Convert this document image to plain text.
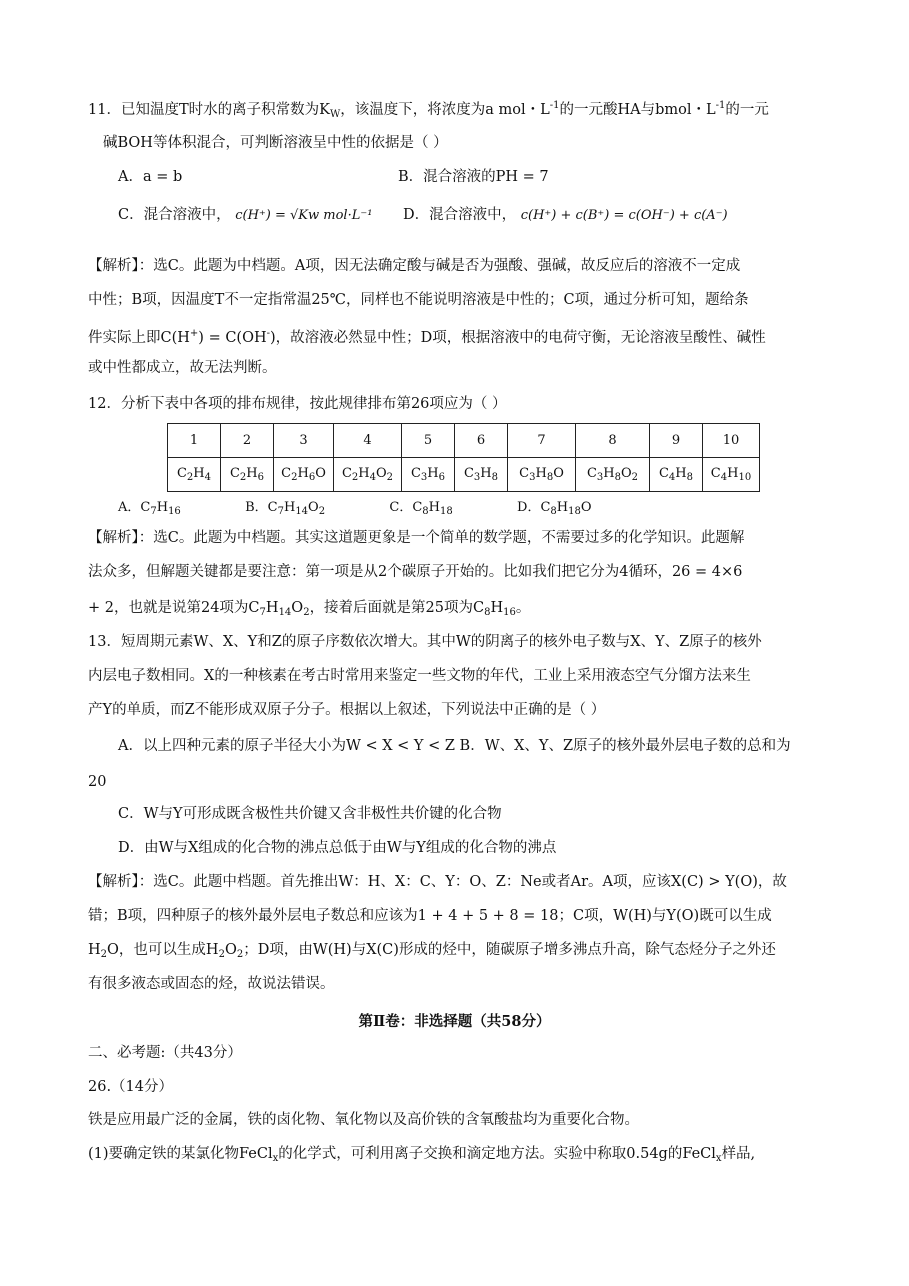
11．已知温度T时水的离子积常数为$K_W$，该温度下，将浓度为a mol・$L^{-1}$的一元酸HA与bmol・$L^{-1}$的一元
碱BOH等体积混合，可判断溶液呈中性的依据是（ ）
A．a = b	B．混合溶液的PH = 7
C．混合溶液中， c(H⁺) = √Kw mol·L⁻¹ D．混合溶液中， c(H⁺) + c(B⁺) = c(OH⁻) + c(A⁻)
【解析】：选C。此题为中档题。A项，因无法确定酸与碱是否为强酸、强碱，故反应后的溶液不一定成
中性；B项，因温度T不一定指常温25℃，同样也不能说明溶液是中性的；C项，通过分析可知，题给条
件实际上即C(H+) = C(OH-)，故溶液必然显中性；D项，根据溶液中的电荷守衡，无论溶液呈酸性、碱性
或中性都成立，故无法判断。
12．分析下表中各项的排布规律，按此规律排布第26项应为（ ）
1	2	3	4	5	6	7	8	9	10
$C_2H_4$	$C_2H_6$	$C_2H_6O$	$C_2H_4O_2$	$C_3H_6$	$C_3H_8$	$C_3H_8O$	$C_3H_8O_2$	$C_4H_8$	$C_4H_{10}$
A．$C_7H_{16}$	B．$C_7H_{14}O_2$	C．$C_8H_{18}$	D．$C_8H_{18}O$
【解析】：选C。此题为中档题。其实这道题更象是一个简单的数学题，不需要过多的化学知识。此题解
法众多，但解题关键都是要注意：第一项是从2个碳原子开始的。比如我们把它分为4循环，26 = 4×6
+ 2，也就是说第24项为$C_7H_{14}O_2$，接着后面就是第25项为$C_8H_{16}$。
13．短周期元素W、X、Y和Z的原子序数依次增大。其中W的阴离子的核外电子数与X、Y、Z原子的核外
内层电子数相同。X的一种核素在考古时常用来鉴定一些文物的年代，工业上采用液态空气分馏方法来生
产Y的单质，而Z不能形成双原子分子。根据以上叙述，下列说法中正确的是（ ）
A．以上四种元素的原子半径大小为W < X < Y < Z B．W、X、Y、Z原子的核外最外层电子数的总和为
20
C．W与Y可形成既含极性共价键又含非极性共价键的化合物
D．由W与X组成的化合物的沸点总低于由W与Y组成的化合物的沸点
【解析】：选C。此题中档题。首先推出W：H、X：C、Y：O、Z：Ne或者Ar。A项，应该X(C) > Y(O)，故
错；B项，四种原子的核外最外层电子数总和应该为1 + 4 + 5 + 8 = 18；C项，W(H)与Y(O)既可以生成
$H_2O$，也可以生成$H_2O_2$；D项，由W(H)与X(C)形成的烃中，随碳原子增多沸点升高，除气态烃分子之外还
有很多液态或固态的烃，故说法错误。
第Ⅱ卷：非选择题（共58分）
二、必考题:（共43分）
26.（14分）
铁是应用最广泛的金属，铁的卤化物、氧化物以及高价铁的含氧酸盐均为重要化合物。
(1)要确定铁的某氯化物FeCl$_x$的化学式，可利用离子交换和滴定地方法。实验中称取0.54g的FeCl$_x$样品,
